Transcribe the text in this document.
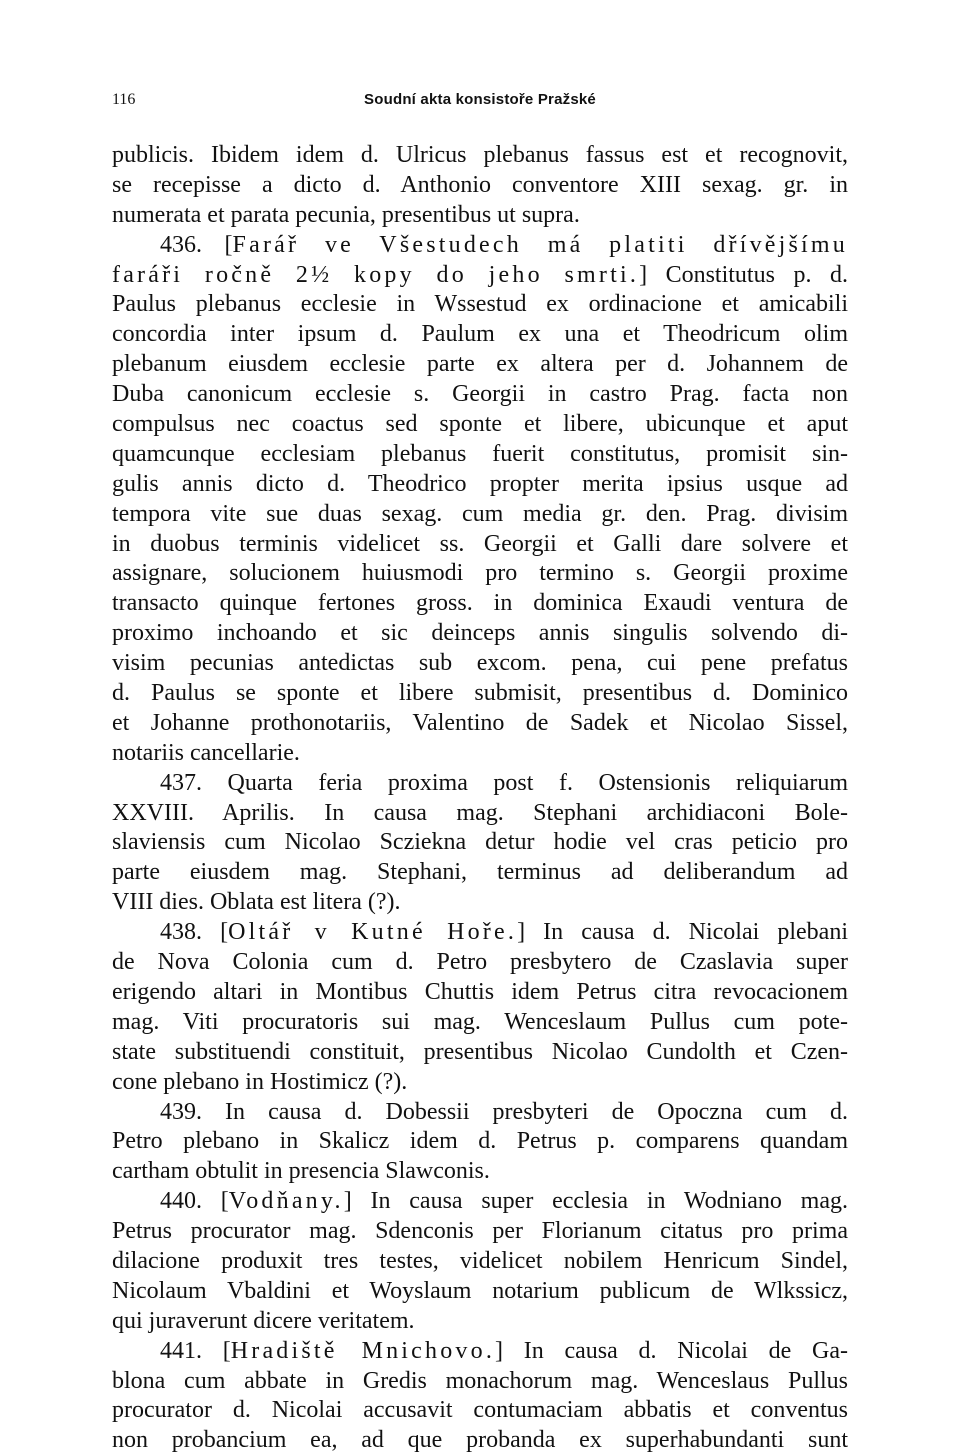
116	Soudní akta konsistoře Pražské
publicis. Ibidem idem d. Ulricus plebanus fassus est et recognovit,
se recepisse a dicto d. Anthonio conventore XIII sexag. gr. in
numerata et parata pecunia, presentibus ut supra.
436. [Farář ve Všestudech má platiti dřívějšímu
faráři ročně 2½ kopy do jeho smrti.] Constitutus p. d.
Paulus plebanus ecclesie in Wssestud ex ordinacione et amicabili
concordia inter ipsum d. Paulum ex una et Theodricum olim
plebanum eiusdem ecclesie parte ex altera per d. Johannem de
Duba canonicum ecclesie s. Georgii in castro Prag. facta non
compulsus nec coactus sed sponte et libere, ubicunque et aput
quamcunque ecclesiam plebanus fuerit constitutus, promisit sin-
gulis annis dicto d. Theodrico propter merita ipsius usque ad
tempora vite sue duas sexag. cum media gr. den. Prag. divisim
in duobus terminis videlicet ss. Georgii et Galli dare solvere et
assignare, solucionem huiusmodi pro termino s. Georgii proxime
transacto quinque fertones gross. in dominica Exaudi ventura de
proximo inchoando et sic deinceps annis singulis solvendo di-
visim pecunias antedictas sub excom. pena, cui pene prefatus
d. Paulus se sponte et libere submisit, presentibus d. Dominico
et Johanne prothonotariis, Valentino de Sadek et Nicolao Sissel,
notariis cancellarie.
437. Quarta feria proxima post f. Ostensionis reliquiarum
XXVIII. Aprilis. In causa mag. Stephani archidiaconi Bole-
slaviensis cum Nicolao Scziekna detur hodie vel cras peticio pro
parte eiusdem mag. Stephani, terminus ad deliberandum ad
VIII dies. Oblata est litera (?).
438. [Oltář v Kutné Hoře.] In causa d. Nicolai plebani
de Nova Colonia cum d. Petro presbytero de Czaslavia super
erigendo altari in Montibus Chuttis idem Petrus citra revocacionem
mag. Viti procuratoris sui mag. Wenceslaum Pullus cum pote-
state substituendi constituit, presentibus Nicolao Cundolth et Czen-
cone plebano in Hostimicz (?).
439. In causa d. Dobessii presbyteri de Opoczna cum d.
Petro plebano in Skalicz idem d. Petrus p. comparens quandam
cartham obtulit in presencia Slawconis.
440. [Vodňany.] In causa super ecclesia in Wodniano mag.
Petrus procurator mag. Sdenconis per Florianum citatus pro prima
dilacione produxit tres testes, videlicet nobilem Henricum Sindel,
Nicolaum Vbaldini et Woyslaum notarium publicum de Wlkssicz,
qui juraverunt dicere veritatem.
441. [Hradiště Mnichovo.] In causa d. Nicolai de Ga-
blona cum abbate in Gredis monachorum mag. Wenceslaus Pullus
procurator d. Nicolai accusavit contumaciam abbatis et conventus
non probancium ea, ad que probanda ex superhabundanti sunt
